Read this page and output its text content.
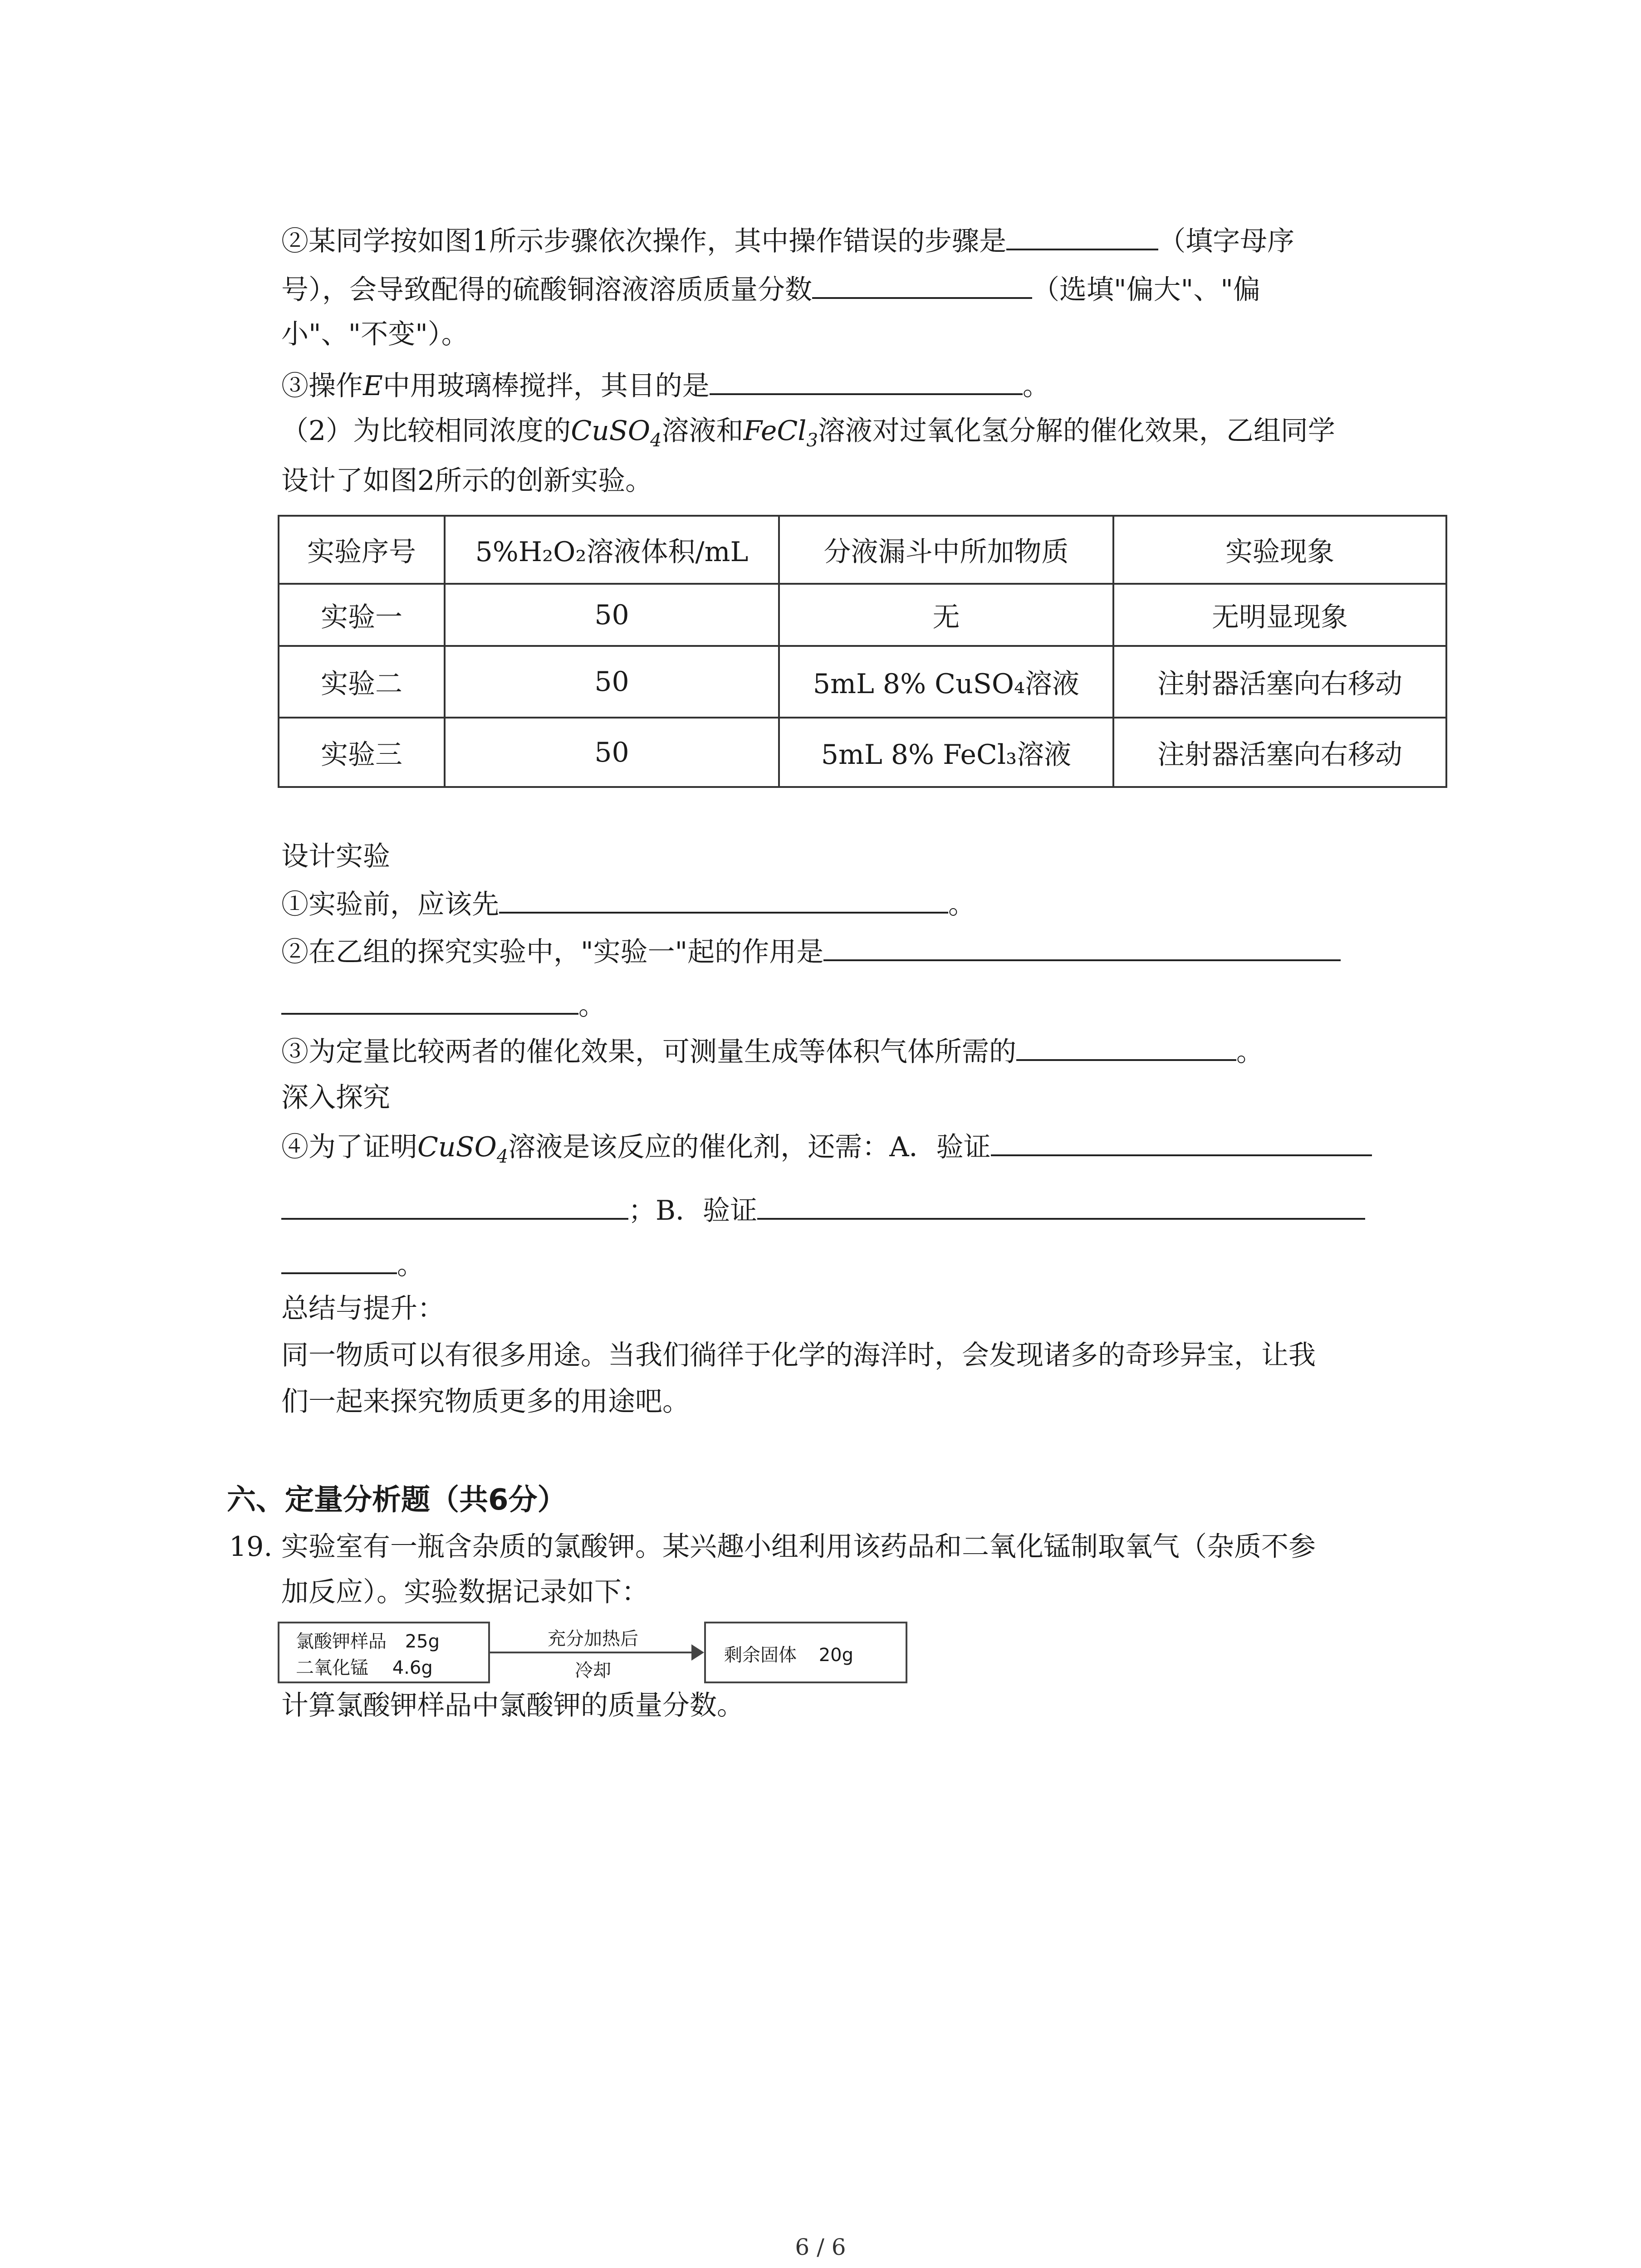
②某同学按如图1所示步骤依次操作，其中操作错误的步骤是	（填字母序
号），会导致配得的硫酸铜溶液溶质质量分数	（选填"偏大"、"偏
小"、"不变"）。
③操作E中用玻璃棒搅拌，其目的是	。
（2）为比较相同浓度的CuSO$_4$溶液和FeCl$_3$溶液对过氧化氢分解的催化效果，乙组同学
设计了如图2所示的创新实验。
实验序号	5%H₂O₂溶液体积/mL	分液漏斗中所加物质	实验现象
实验一	50	无	无明显现象
实验二	50	5mL 8% CuSO₄溶液	注射器活塞向右移动
实验三	50	5mL 8% FeCl₃溶液	注射器活塞向右移动
设计实验
①实验前，应该先	。
②在乙组的探究实验中，"实验一"起的作用是
。
③为定量比较两者的催化效果，可测量生成等体积气体所需的	。
深入探究
④为了证明CuSO$_4$溶液是该反应的催化剂，还需：A．验证
；B．验证
。
总结与提升：
同一物质可以有很多用途。当我们徜徉于化学的海洋时，会发现诸多的奇珍异宝，让我
们一起来探究物质更多的用途吧。
六、定量分析题（共6分）
19. 实验室有一瓶含杂质的氯酸钾。某兴趣小组利用该药品和二氧化锰制取氧气（杂质不参
加反应）。实验数据记录如下：
氯酸钾样品 25g
二氧化锰 4.6g
充分加热后
冷却
剩余固体 20g
计算氯酸钾样品中氯酸钾的质量分数。
6 / 6
